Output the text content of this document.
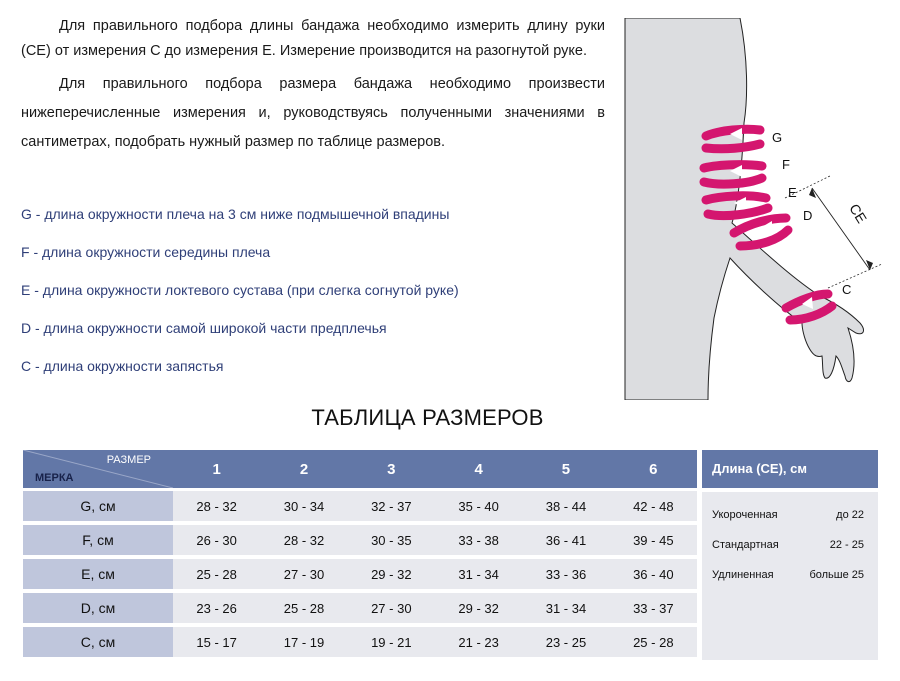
Для правильного подбора длины бандажа необходимо измерить длину руки (CE) от измерения С до измерения Е. Измерение производится на разогнутой руке.

Для правильного подбора размера бандажа необходимо произвести нижеперечисленные измерения и, руководствуясь полученными значениями в сантиметрах, подобрать нужный размер по таблице размеров.

G - длина окружности плеча на 3 см ниже подмышечной впадины
F - длина окружности середины плеча
E - длина окружности локтевого сустава (при слегка согнутой руке)
D - длина окружности самой широкой части предплечья
C - длина окружности запястья
G
F
E
D
C
CE
ТАБЛИЦА РАЗМЕРОВ
РАЗМЕР
МЕРКА	1	2	3	4	5	6
G, см	28 - 32	30 - 34	32 - 37	35 - 40	38 - 44	42 - 48
F, см	26 - 30	28 - 32	30 - 35	33 - 38	36 - 41	39 - 45
E, см	25 - 28	27 - 30	29 - 32	31 - 34	33 - 36	36 - 40
D, см	23 - 26	25 - 28	27 - 30	29 - 32	31 - 34	33 - 37
C, см	15 - 17	17 - 19	19 - 21	21 - 23	23 - 25	25 - 28
Длина (СЕ), см
Укороченная	до 22
Стандартная	22 - 25
Удлиненная	больше 25
